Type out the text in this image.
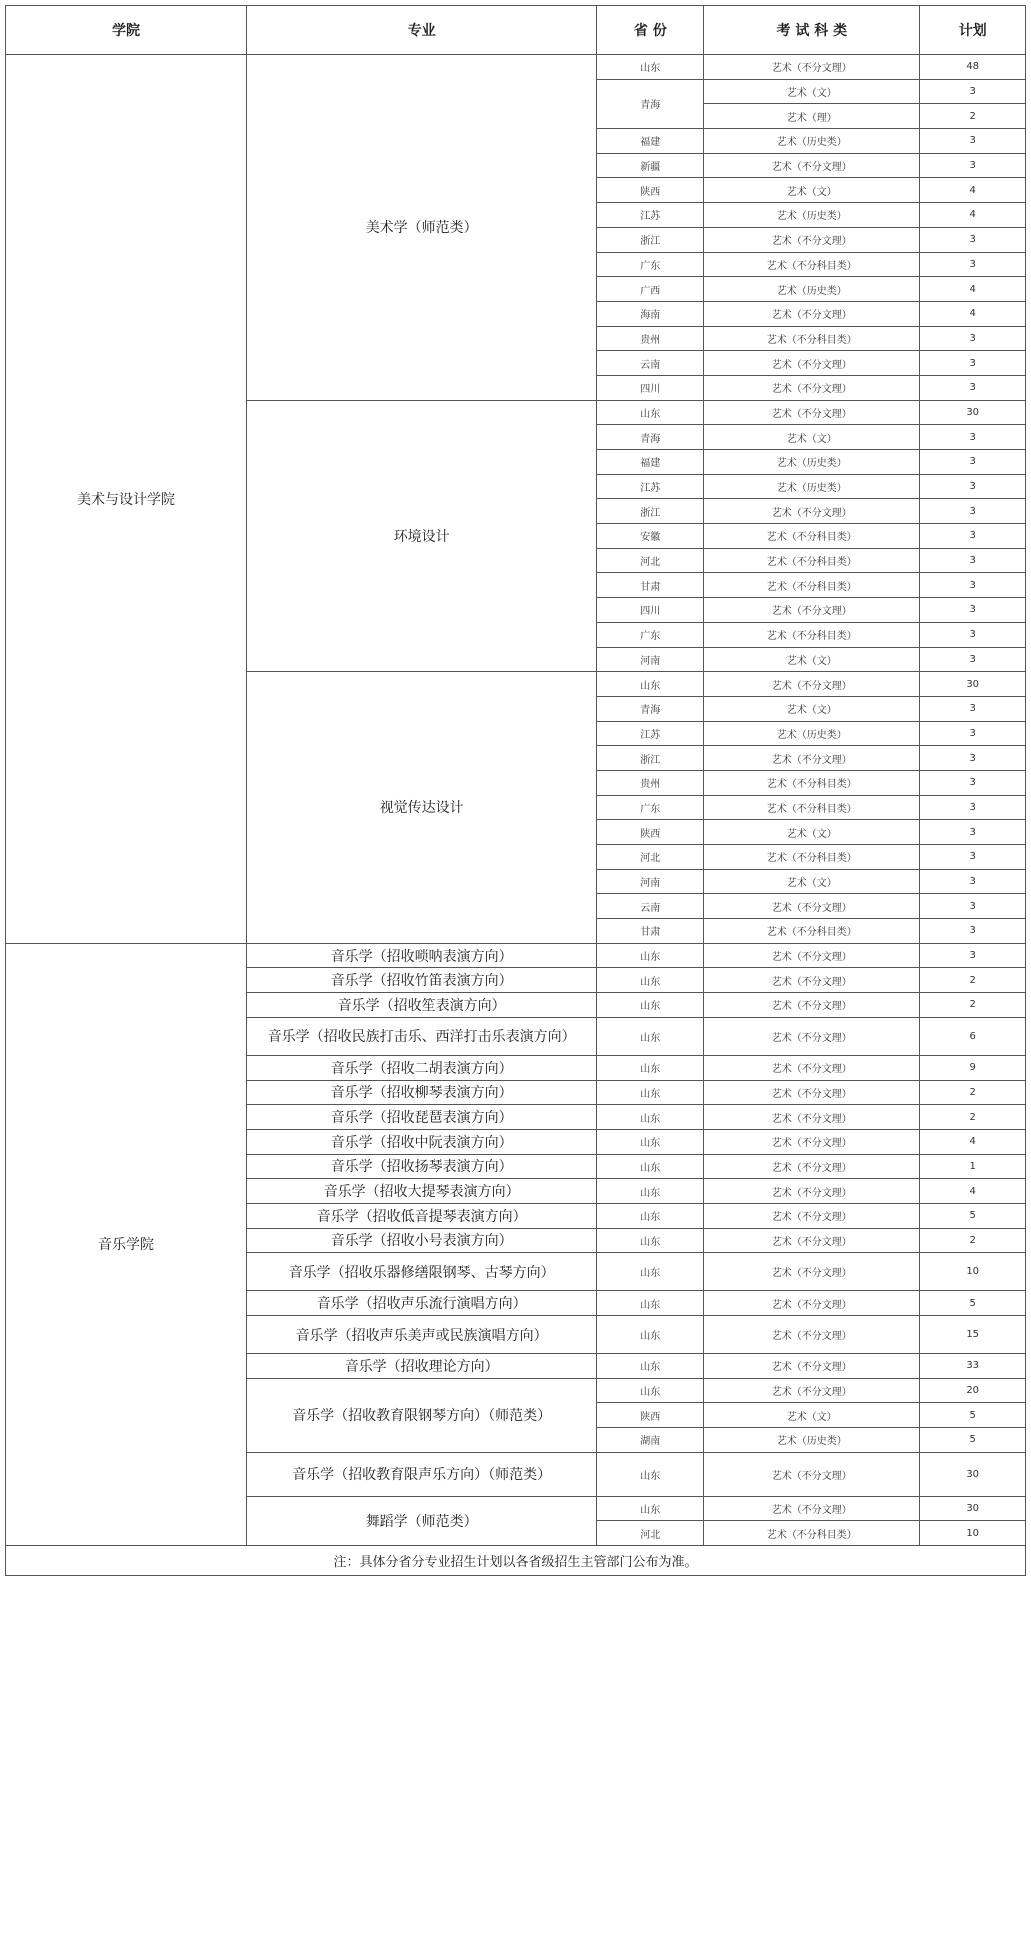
学院	专业	省 份	考 试 科 类	计划
美术与设计学院	美术学（师范类）	山东	艺术（不分文理）	48
		青海	艺术（文）	3
			艺术（理）	2
		福建	艺术（历史类）	3
		新疆	艺术（不分文理）	3
		陕西	艺术（文）	4
		江苏	艺术（历史类）	4
		浙江	艺术（不分文理）	3
		广东	艺术（不分科目类）	3
		广西	艺术（历史类）	4
		海南	艺术（不分文理）	4
		贵州	艺术（不分科目类）	3
		云南	艺术（不分文理）	3
		四川	艺术（不分文理）	3
	环境设计	山东	艺术（不分文理）	30
		青海	艺术（文）	3
		福建	艺术（历史类）	3
		江苏	艺术（历史类）	3
		浙江	艺术（不分文理）	3
		安徽	艺术（不分科目类）	3
		河北	艺术（不分科目类）	3
		甘肃	艺术（不分科目类）	3
		四川	艺术（不分文理）	3
		广东	艺术（不分科目类）	3
		河南	艺术（文）	3
	视觉传达设计	山东	艺术（不分文理）	30
		青海	艺术（文）	3
		江苏	艺术（历史类）	3
		浙江	艺术（不分文理）	3
		贵州	艺术（不分科目类）	3
		广东	艺术（不分科目类）	3
		陕西	艺术（文）	3
		河北	艺术（不分科目类）	3
		河南	艺术（文）	3
		云南	艺术（不分文理）	3
		甘肃	艺术（不分科目类）	3
音乐学院	音乐学（招收唢呐表演方向）	山东	艺术（不分文理）	3
	音乐学（招收竹笛表演方向）	山东	艺术（不分文理）	2
	音乐学（招收笙表演方向）	山东	艺术（不分文理）	2
	音乐学（招收民族打击乐、西洋打击乐表演方向）	山东	艺术（不分文理）	6
	音乐学（招收二胡表演方向）	山东	艺术（不分文理）	9
	音乐学（招收柳琴表演方向）	山东	艺术（不分文理）	2
	音乐学（招收琵琶表演方向）	山东	艺术（不分文理）	2
	音乐学（招收中阮表演方向）	山东	艺术（不分文理）	4
	音乐学（招收扬琴表演方向）	山东	艺术（不分文理）	1
	音乐学（招收大提琴表演方向）	山东	艺术（不分文理）	4
	音乐学（招收低音提琴表演方向）	山东	艺术（不分文理）	5
	音乐学（招收小号表演方向）	山东	艺术（不分文理）	2
	音乐学（招收乐器修缮限钢琴、古琴方向）	山东	艺术（不分文理）	10
	音乐学（招收声乐流行演唱方向）	山东	艺术（不分文理）	5
	音乐学（招收声乐美声或民族演唱方向）	山东	艺术（不分文理）	15
	音乐学（招收理论方向）	山东	艺术（不分文理）	33
	音乐学（招收教育限钢琴方向）（师范类）	山东	艺术（不分文理）	20
		陕西	艺术（文）	5
		湖南	艺术（历史类）	5
	音乐学（招收教育限声乐方向）（师范类）	山东	艺术（不分文理）	30
	舞蹈学（师范类）	山东	艺术（不分文理）	30
		河北	艺术（不分科目类）	10
注：具体分省分专业招生计划以各省级招生主管部门公布为准。				
